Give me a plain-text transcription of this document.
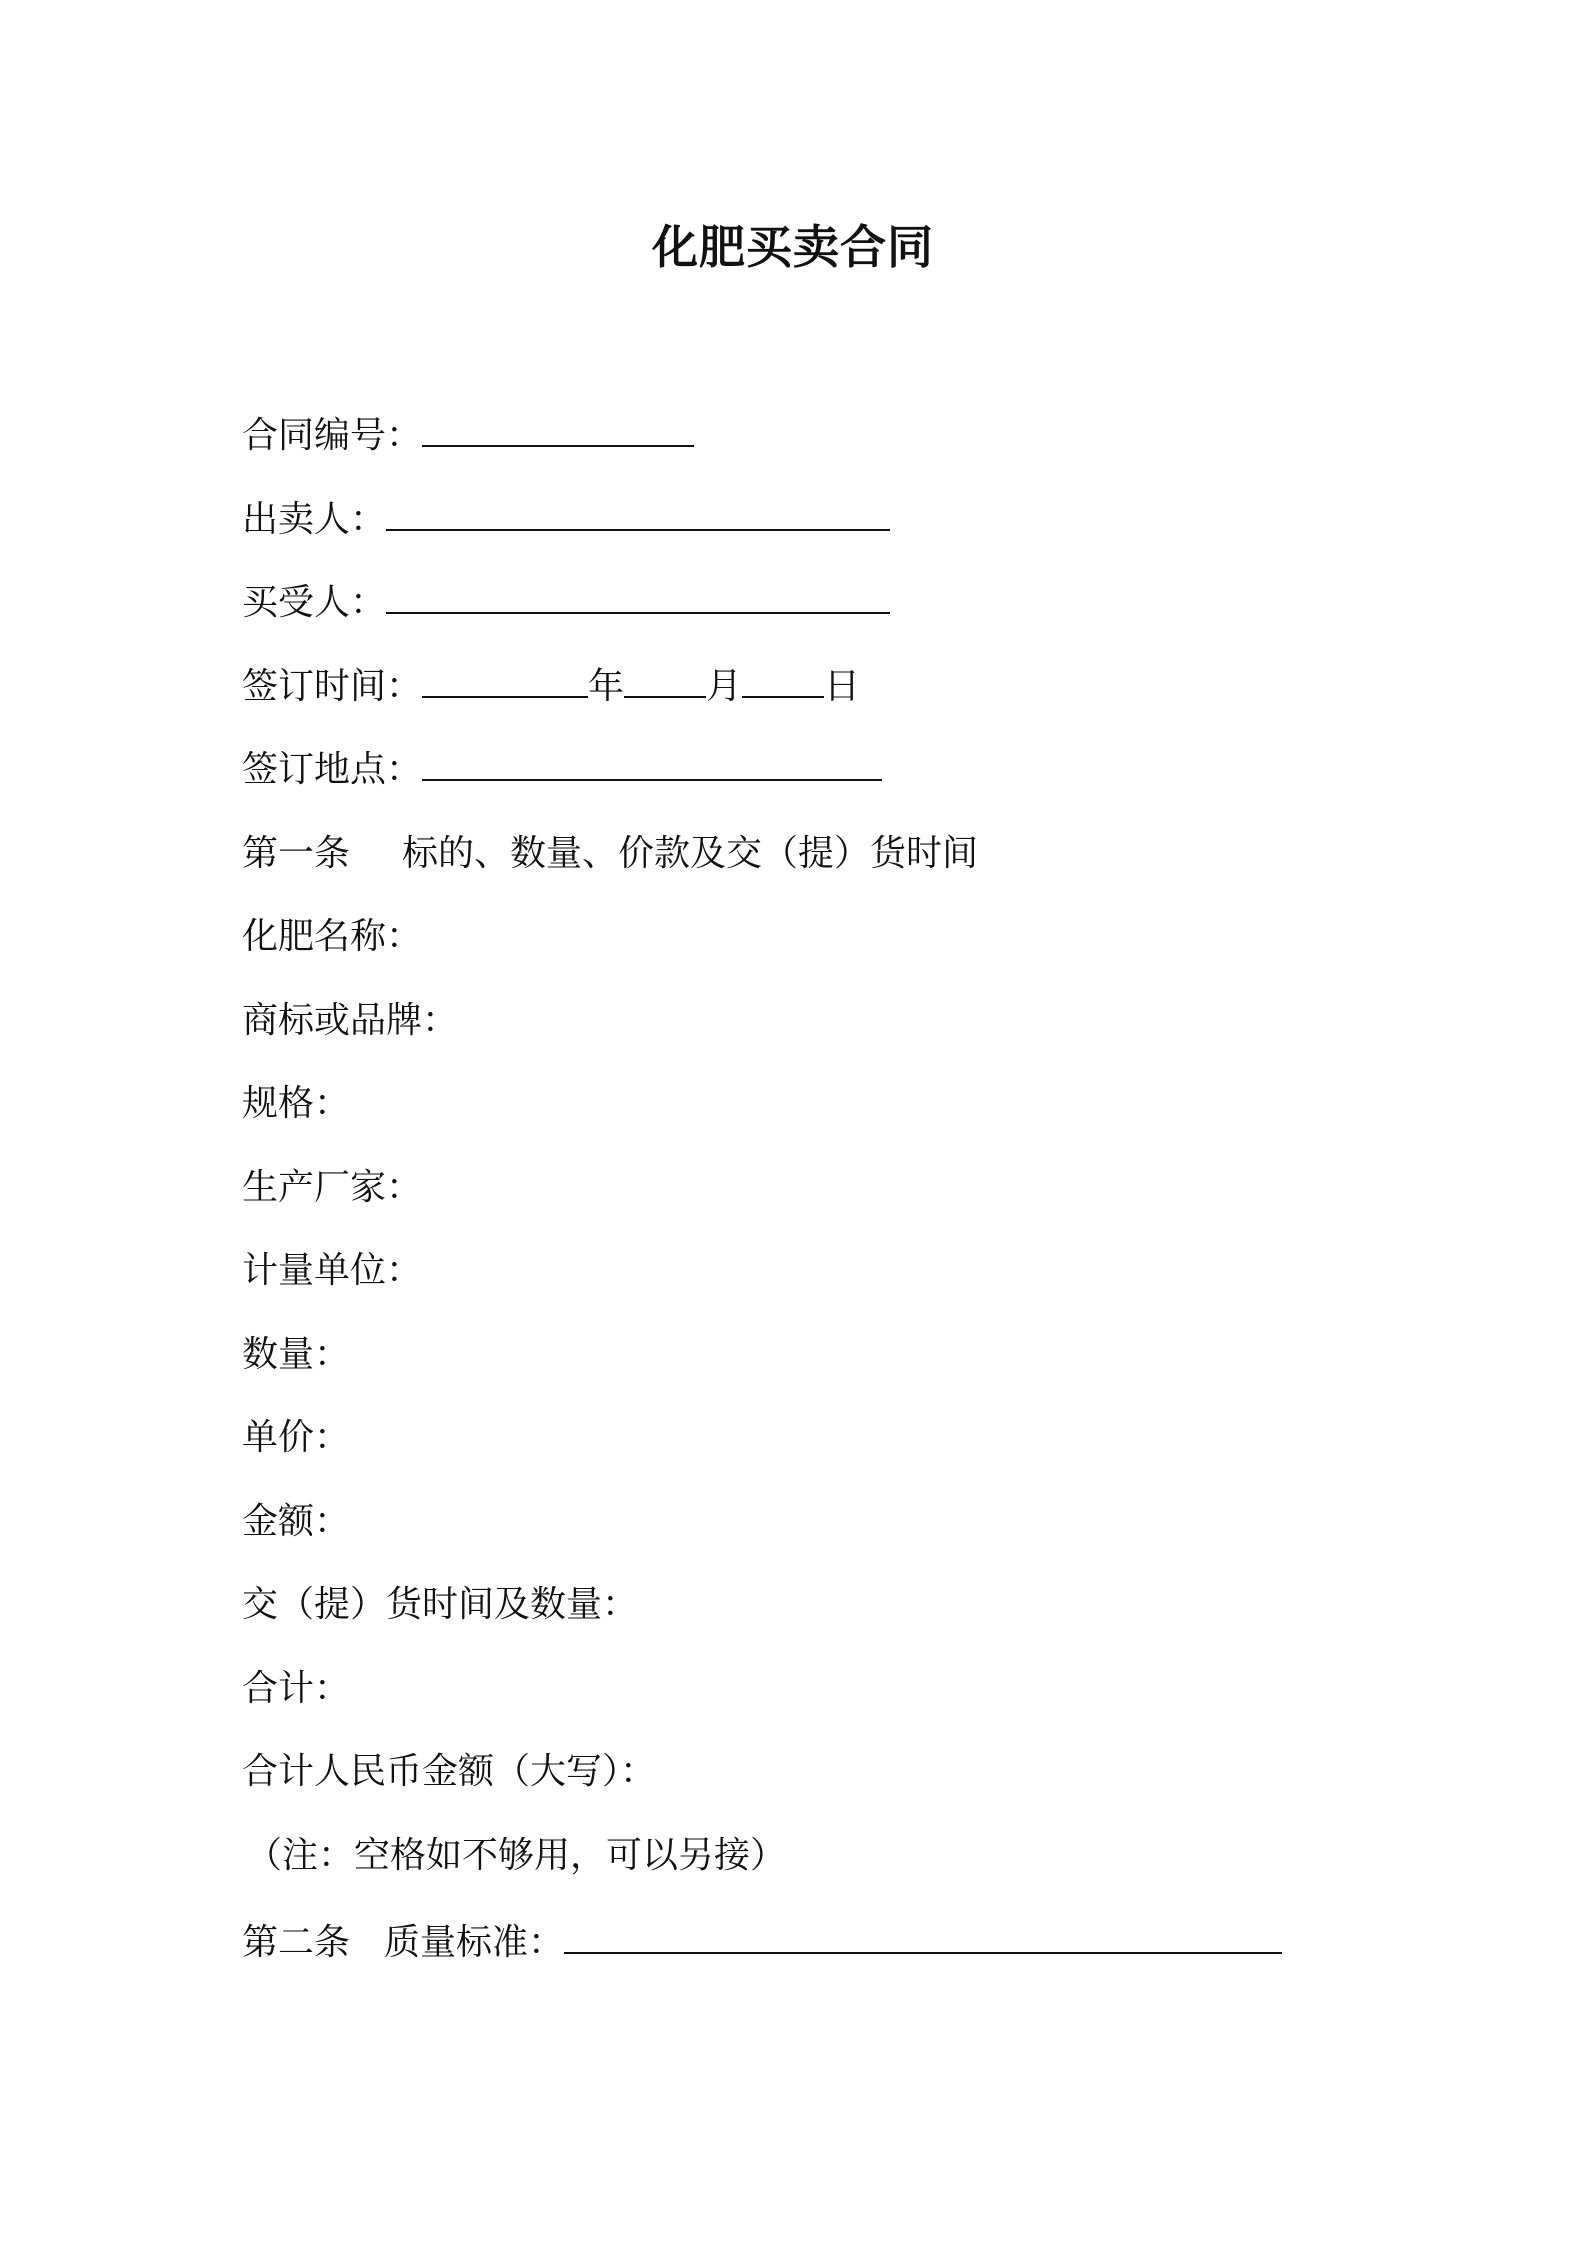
化肥买卖合同
合同编号：
出卖人：
买受人：
签订时间：	年 月 日
签订地点：
第一条 标的、数量、价款及交（提）货时间
化肥名称：
商标或品牌：
规格：
生产厂家：
计量单位：
数量：
单价：
金额：
交（提）货时间及数量：
合计：
合计人民币金额（大写）：
（注：空格如不够用，可以另接）
第二条 质量标准：
